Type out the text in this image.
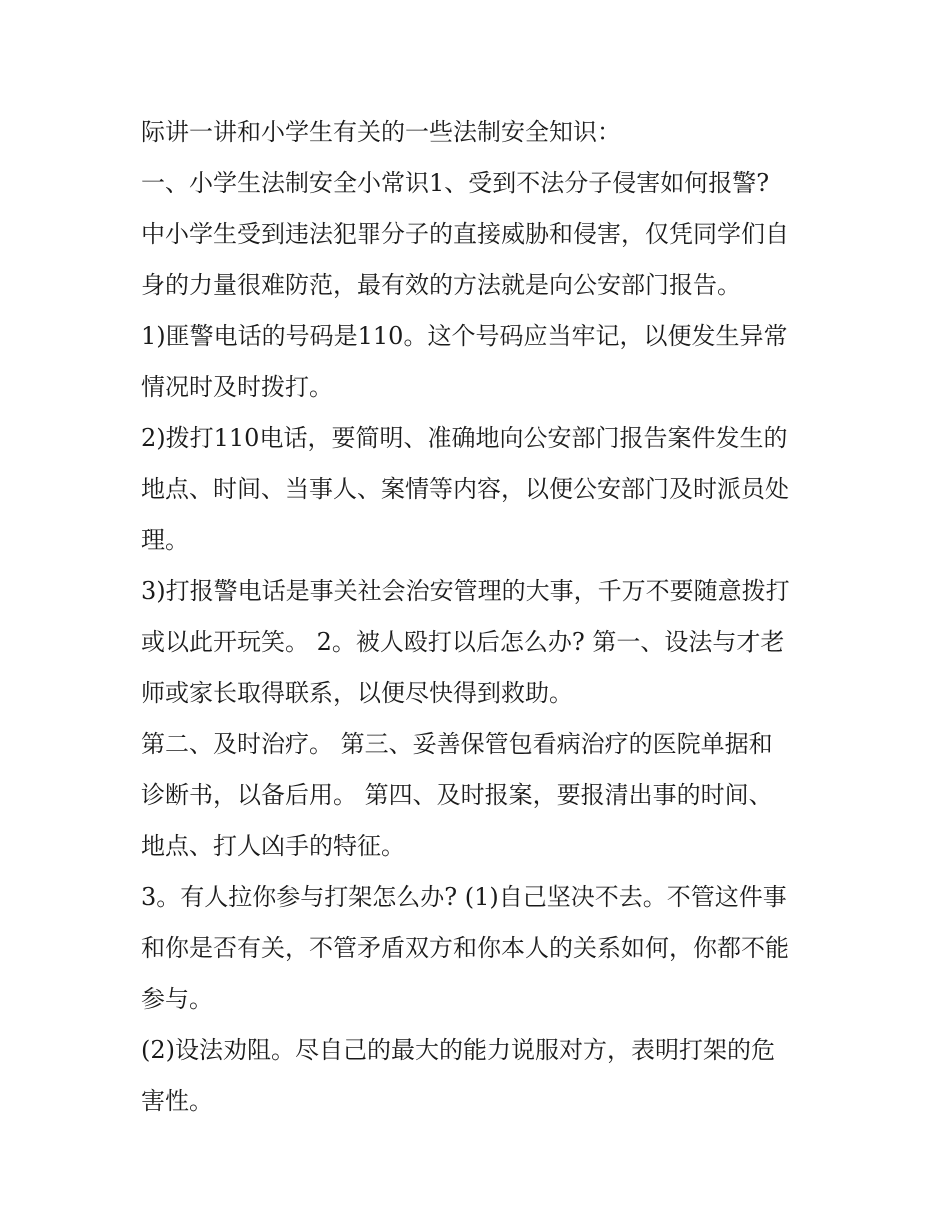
际讲一讲和小学生有关的一些法制安全知识：
一、小学生法制安全小常识1、受到不法分子侵害如何报警?
中小学生受到违法犯罪分子的直接威胁和侵害，仅凭同学们自
身的力量很难防范，最有效的方法就是向公安部门报告。
1)匪警电话的号码是110。这个号码应当牢记，以便发生异常
情况时及时拨打。
2)拨打110电话，要简明、准确地向公安部门报告案件发生的
地点、时间、当事人、案情等内容，以便公安部门及时派员处
理。
3)打报警电话是事关社会治安管理的大事，千万不要随意拨打
或以此开玩笑。 2。被人殴打以后怎么办? 第一、设法与才老
师或家长取得联系，以便尽快得到救助。
第二、及时治疗。 第三、妥善保管包看病治疗的医院单据和
诊断书，以备后用。 第四、及时报案，要报清出事的时间、
地点、打人凶手的特征。
3。有人拉你参与打架怎么办? (1)自己坚决不去。不管这件事
和你是否有关，不管矛盾双方和你本人的关系如何，你都不能
参与。
(2)设法劝阻。尽自己的最大的能力说服对方，表明打架的危
害性。
